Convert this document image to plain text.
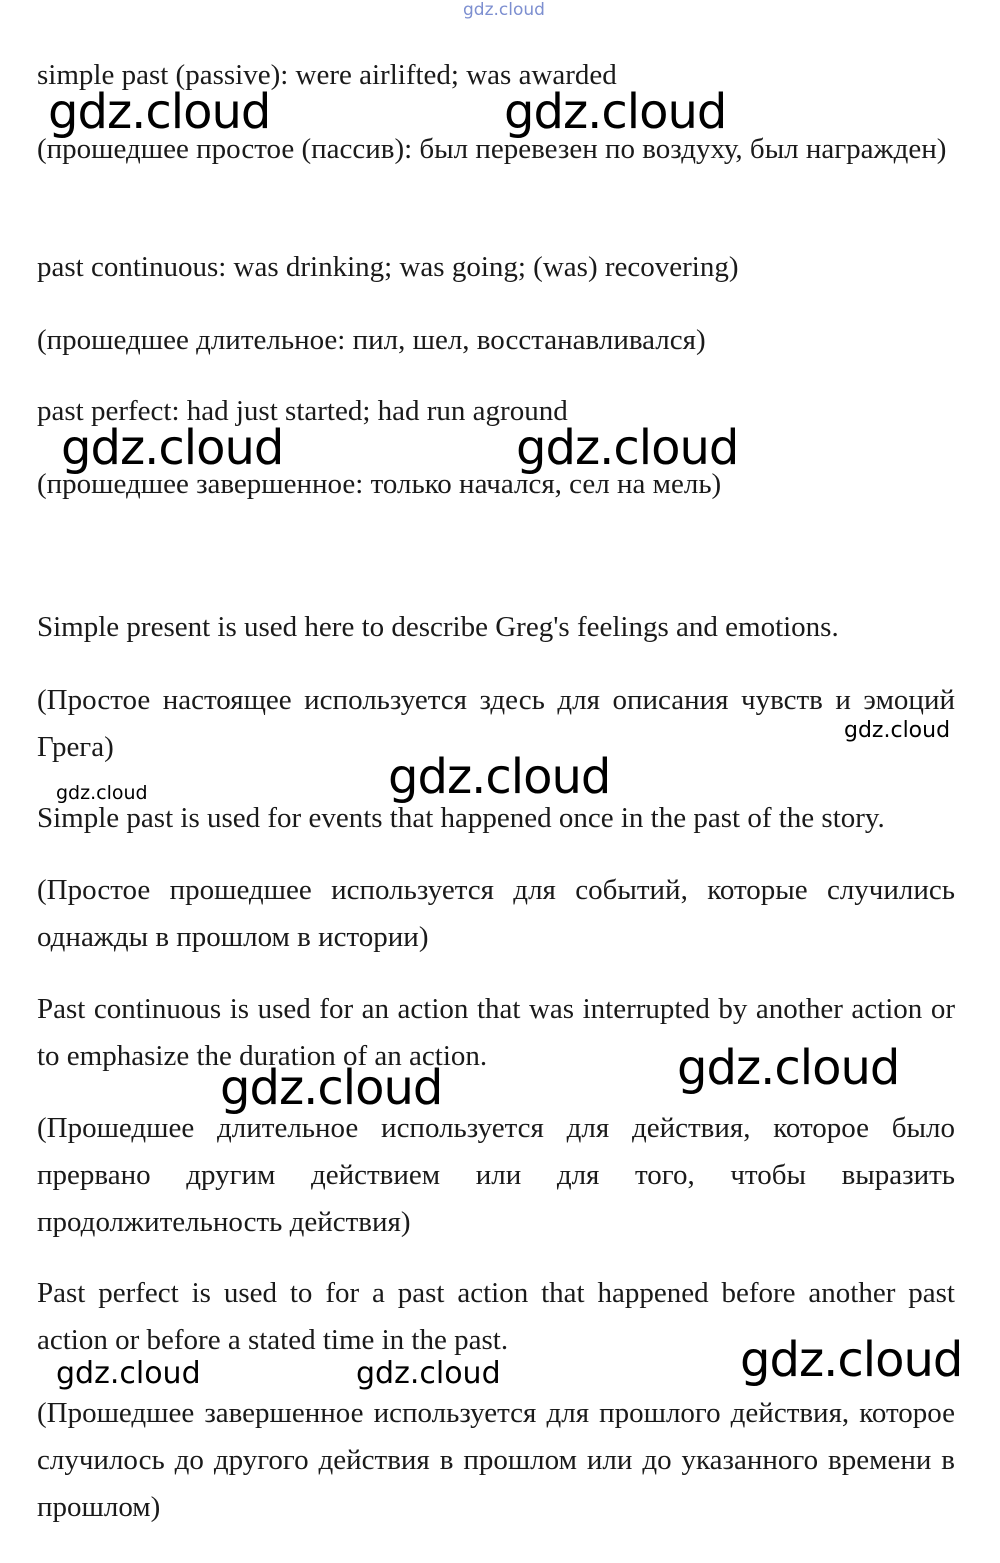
gdz.cloud

simple past (passive): were airlifted; was awarded

(прошедшее простое (пассив): был перевезен по воздуху, был награжден)

past continuous: was drinking; was going; (was) recovering)

(прошедшее длительное: пил, шел, восстанавливался)

past perfect: had just started; had run aground

(прошедшее завершенное: только начался, сел на мель)

Simple present is used here to describe Greg's feelings and emotions.

(Простое настоящее используется здесь для описания чувств и эмоций Грега)

Simple past is used for events that happened once in the past of the story.

(Простое прошедшее используется для событий, которые случились однажды в прошлом в истории)

Past continuous is used for an action that was interrupted by another action or to emphasize the duration of an action.

(Прошедшее длительное используется для действия, которое было прервано другим действием или для того, чтобы выразить продолжительность действия)

Past perfect is used to for a past action that happened before another past action or before a stated time in the past.

(Прошедшее завершенное используется для прошлого действия, которое случилось до другого действия в прошлом или до указанного времени в прошлом)

gdz.cloud	gdz.cloud
gdz.cloud	gdz.cloud
gdz.cloud
gdz.cloud
gdz.cloud
gdz.cloud
gdz.cloud
gdz.cloud
gdz.cloud	gdz.cloud
